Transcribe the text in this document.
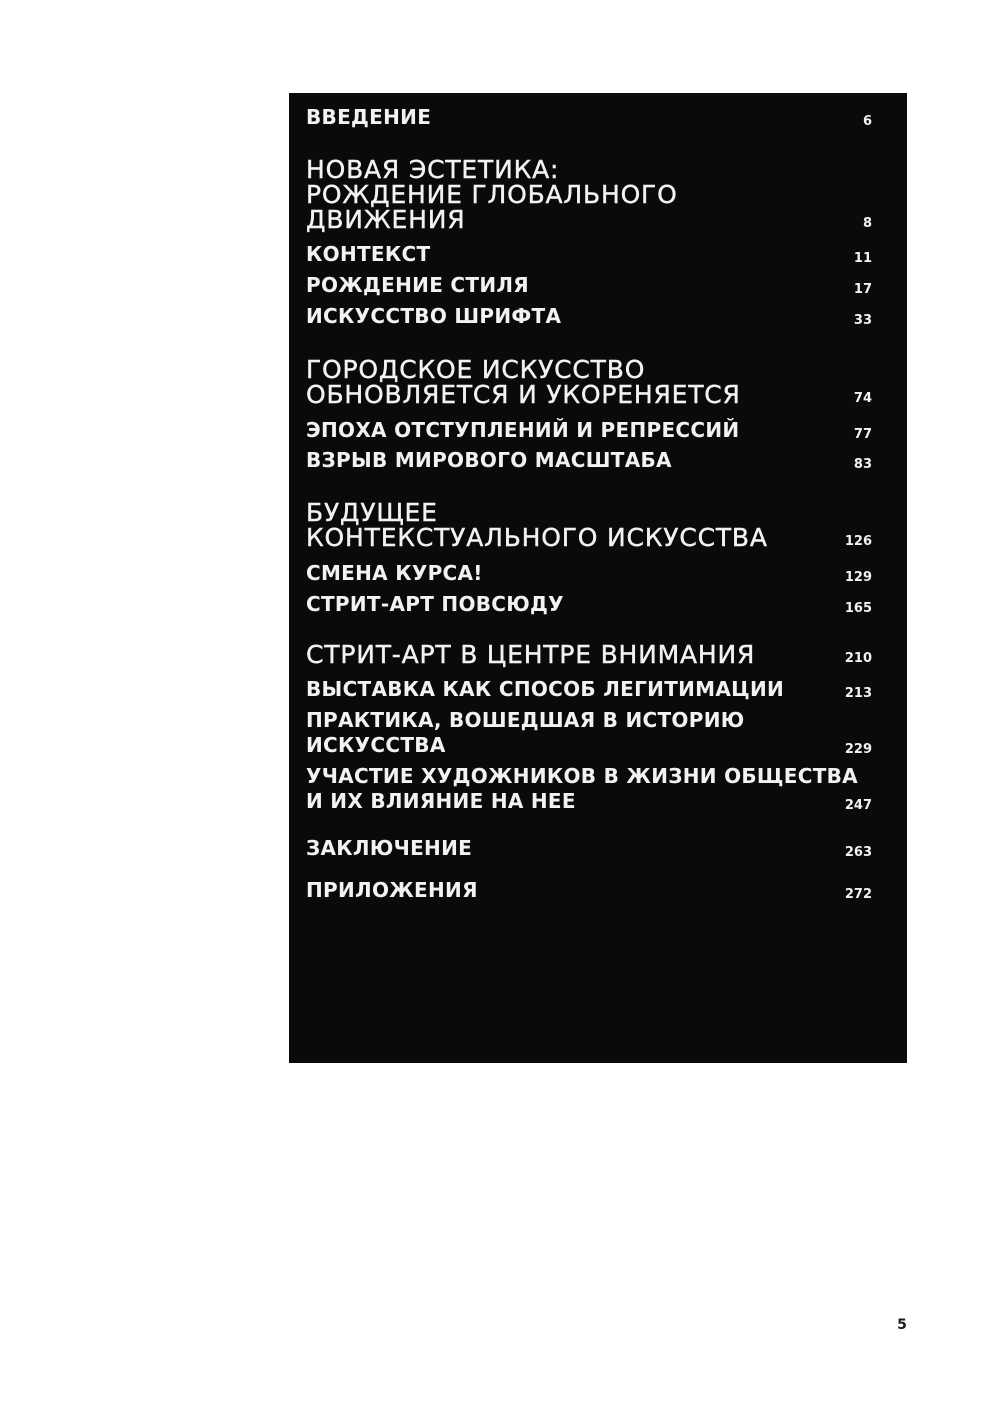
ВВЕДЕНИЕ	6
НОВАЯ ЭСТЕТИКА:
РОЖДЕНИЕ ГЛОБАЛЬНОГО
ДВИЖЕНИЯ	8
КОНТЕКСТ	11
РОЖДЕНИЕ СТИЛЯ	17
ИСКУССТВО ШРИФТА	33
ГОРОДСКОЕ ИСКУССТВО
ОБНОВЛЯЕТСЯ И УКОРЕНЯЕТСЯ	74
ЭПОХА ОТСТУПЛЕНИЙ И РЕПРЕССИЙ	77
ВЗРЫВ МИРОВОГО МАСШТАБА	83
БУДУЩЕЕ
КОНТЕКСТУАЛЬНОГО ИСКУССТВА	126
СМЕНА КУРСА!	129
СТРИТ-АРТ ПОВСЮДУ	165
СТРИТ-АРТ В ЦЕНТРЕ ВНИМАНИЯ	210
ВЫСТАВКА КАК СПОСОБ ЛЕГИТИМАЦИИ	213
ПРАКТИКА, ВОШЕДШАЯ В ИСТОРИЮ
ИСКУССТВА	229
УЧАСТИЕ ХУДОЖНИКОВ В ЖИЗНИ ОБЩЕСТВА
И ИХ ВЛИЯНИЕ НА НЕЕ	247
ЗАКЛЮЧЕНИЕ	263
ПРИЛОЖЕНИЯ	272
5
